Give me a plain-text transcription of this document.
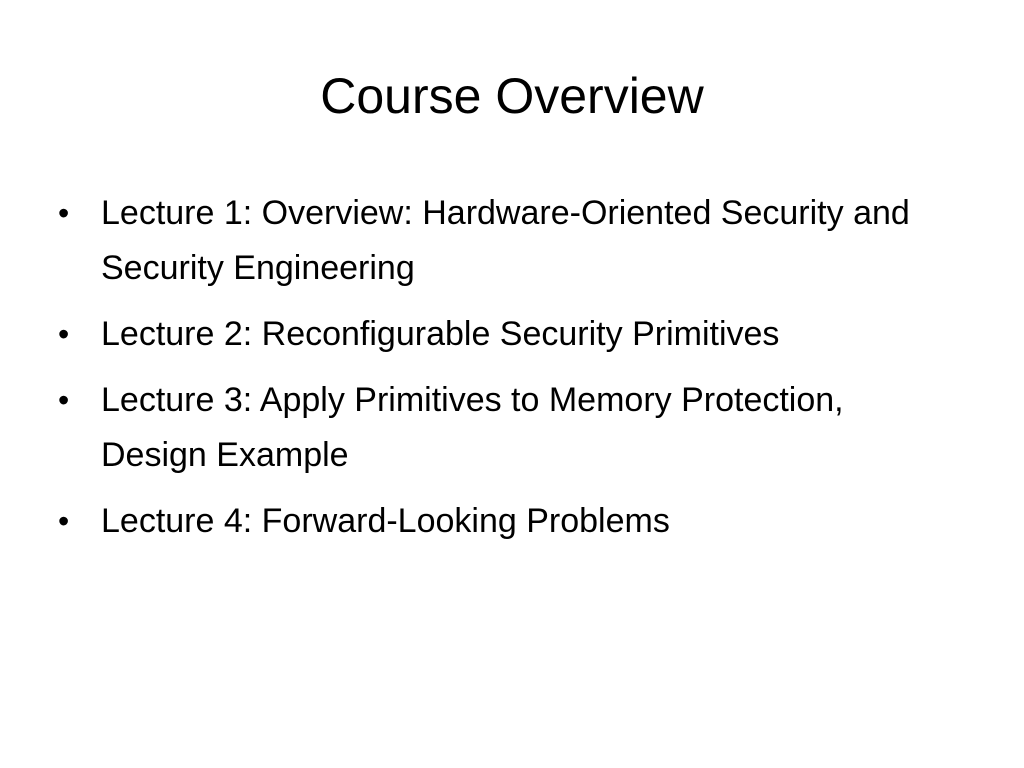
Course Overview
• Lecture 1: Overview: Hardware-Oriented Security and Security Engineering
• Lecture 2: Reconfigurable Security Primitives
• Lecture 3: Apply Primitives to Memory Protection, Design Example
• Lecture 4: Forward-Looking Problems
